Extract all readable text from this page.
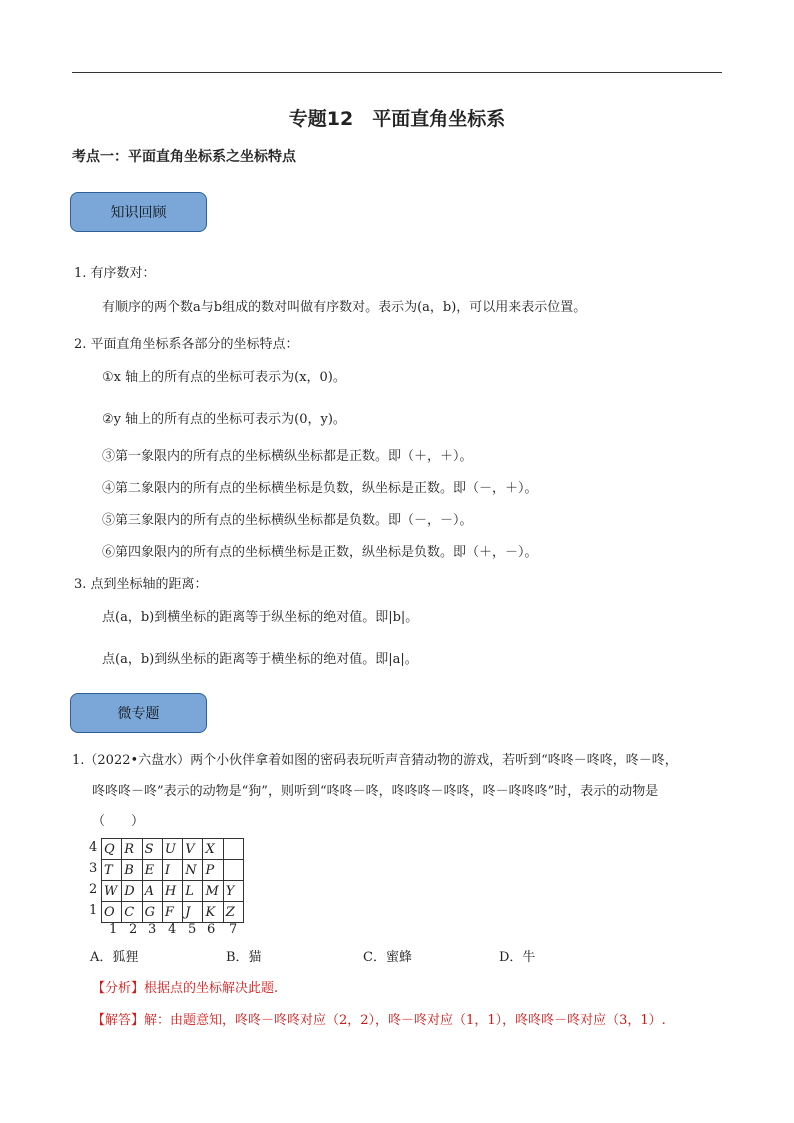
专题12　平面直角坐标系
考点一：平面直角坐标系之坐标特点
知识回顾
1. 有序数对：
有顺序的两个数a与b组成的数对叫做有序数对。表示为(a，b)，可以用来表示位置。
2. 平面直角坐标系各部分的坐标特点：
①x 轴上的所有点的坐标可表示为(x，0)。
②y 轴上的所有点的坐标可表示为(0，y)。
③第一象限内的所有点的坐标横纵坐标都是正数。即（＋，＋）。
④第二象限内的所有点的坐标横坐标是负数，纵坐标是正数。即（－，＋）。
⑤第三象限内的所有点的坐标横纵坐标都是负数。即（－，－）。
⑥第四象限内的所有点的坐标横坐标是正数，纵坐标是负数。即（＋，－）。
3. 点到坐标轴的距离：
点(a，b)到横坐标的距离等于纵坐标的绝对值。即|b|。
点(a，b)到纵坐标的距离等于横坐标的绝对值。即|a|。
微专题
1.（2022•六盘水）两个小伙伴拿着如图的密码表玩听声音猜动物的游戏，若听到“咚咚－咚咚，咚－咚，
咚咚咚－咚”表示的动物是“狗”，则听到“咚咚－咚，咚咚咚－咚咚，咚－咚咚咚”时，表示的动物是
（　　）
4
3
2
1
Q	R	S	U	V	X	
T	B	E	I	N	P	
W	D	A	H	L	M	Y
O	C	G	F	J	K	Z
1 2 3 4 5 6 7
A．狐狸	B．猫	C．蜜蜂	D．牛
【分析】根据点的坐标解决此题.
【解答】解：由题意知，咚咚－咚咚对应（2，2），咚－咚对应（1，1），咚咚咚－咚对应（3，1）.
